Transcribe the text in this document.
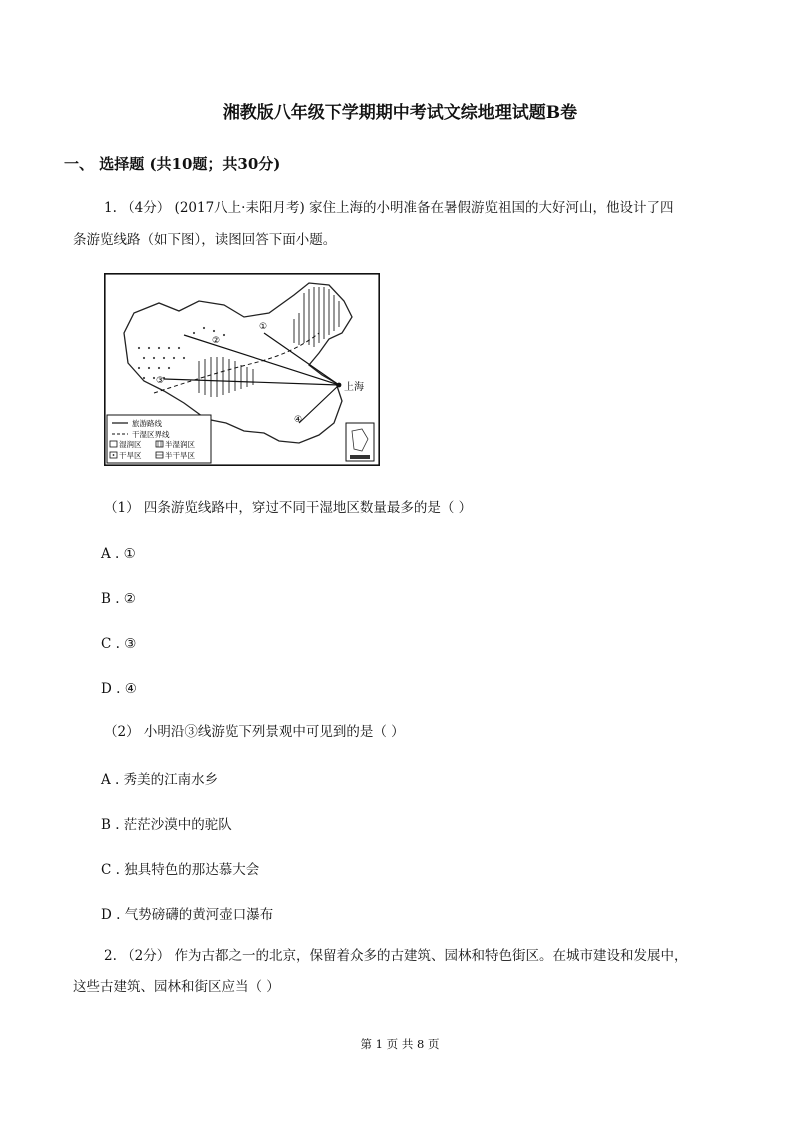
湘教版八年级下学期期中考试文综地理试题B卷
一、 选择题 (共10题；共30分)
1. （4分） (2017八上·耒阳月考) 家住上海的小明准备在暑假游览祖国的大好河山，他设计了四
条游览线路（如下图），读图回答下面小题。
上海
①
②
③
④
旅游路线
干湿区界线
湿润区	半湿润区
干旱区	半干旱区
（1） 四条游览线路中，穿过不同干湿地区数量最多的是（ ）
A . ①
B . ②
C . ③
D . ④
（2） 小明沿③线游览下列景观中可见到的是（ ）
A . 秀美的江南水乡
B . 茫茫沙漠中的驼队
C . 独具特色的那达慕大会
D . 气势磅礴的黄河壶口瀑布
2. （2分） 作为古都之一的北京，保留着众多的古建筑、园林和特色街区。在城市建设和发展中，
这些古建筑、园林和街区应当（ ）
第 1 页 共 8 页
